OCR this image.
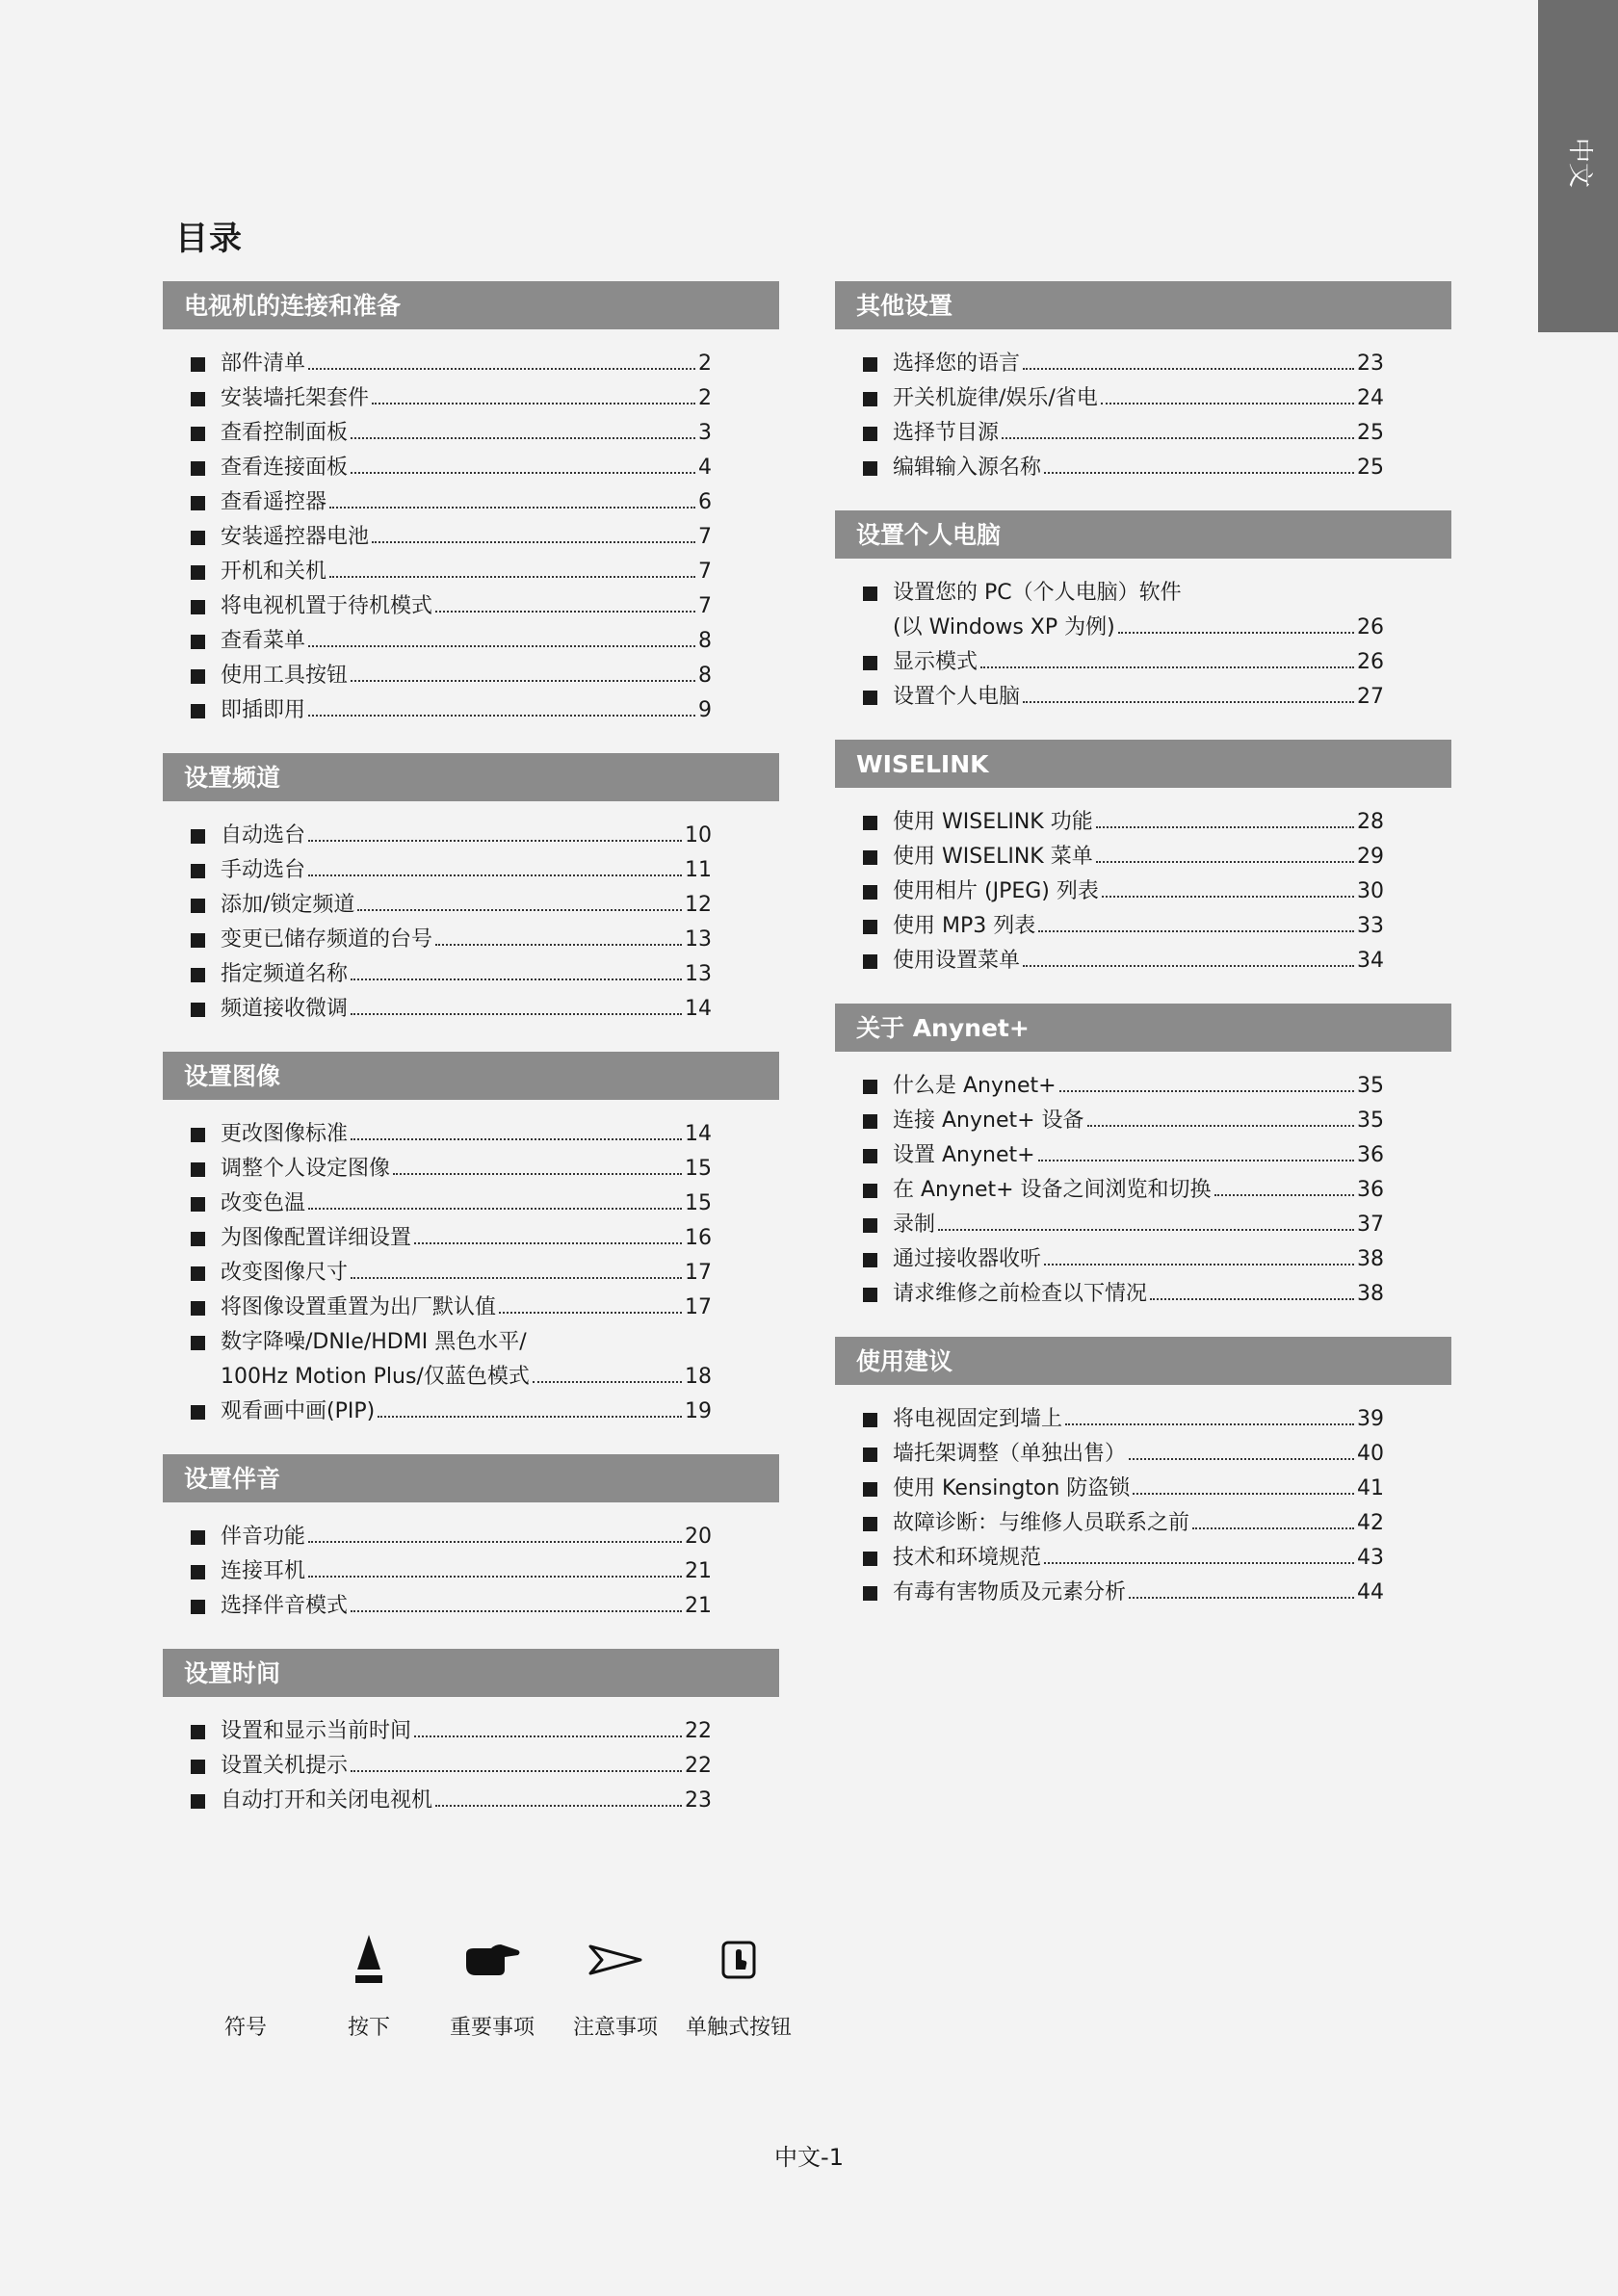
中文
目录
电视机的连接和准备
部件清单	2
安装墙托架套件	2
查看控制面板	3
查看连接面板	4
查看遥控器	6
安装遥控器电池	7
开机和关机	7
将电视机置于待机模式	7
查看菜单	8
使用工具按钮	8
即插即用	9
设置频道
自动选台	10
手动选台	11
添加/锁定频道	12
变更已储存频道的台号	13
指定频道名称	13
频道接收微调	14
设置图像
更改图像标准	14
调整个人设定图像	15
改变色温	15
为图像配置详细设置	16
改变图像尺寸	17
将图像设置重置为出厂默认值	17
数字降噪/DNIe/HDMI 黑色水平/
100Hz Motion Plus/仅蓝色模式	18
观看画中画(PIP)	19
设置伴音
伴音功能	20
连接耳机	21
选择伴音模式	21
设置时间
设置和显示当前时间	22
设置关机提示	22
自动打开和关闭电视机	23
其他设置
选择您的语言	23
开关机旋律/娱乐/省电	24
选择节目源	25
编辑输入源名称	25
设置个人电脑
设置您的 PC（个人电脑）软件
(以 Windows XP 为例)	26
显示模式	26
设置个人电脑	27
WISELINK
使用 WISELINK 功能	28
使用 WISELINK 菜单	29
使用相片 (JPEG) 列表	30
使用 MP3 列表	33
使用设置菜单	34
关于 Anynet+
什么是 Anynet+	35
连接 Anynet+ 设备	35
设置 Anynet+	36
在 Anynet+ 设备之间浏览和切换	36
录制	37
通过接收器收听	38
请求维修之前检查以下情况	38
使用建议
将电视固定到墙上	39
墙托架调整（单独出售）	40
使用 Kensington 防盗锁	41
故障诊断：与维修人员联系之前	42
技术和环境规范	43
有毒有害物质及元素分析	44
符号	按下	重要事项	注意事项	单触式按钮
中文-1
